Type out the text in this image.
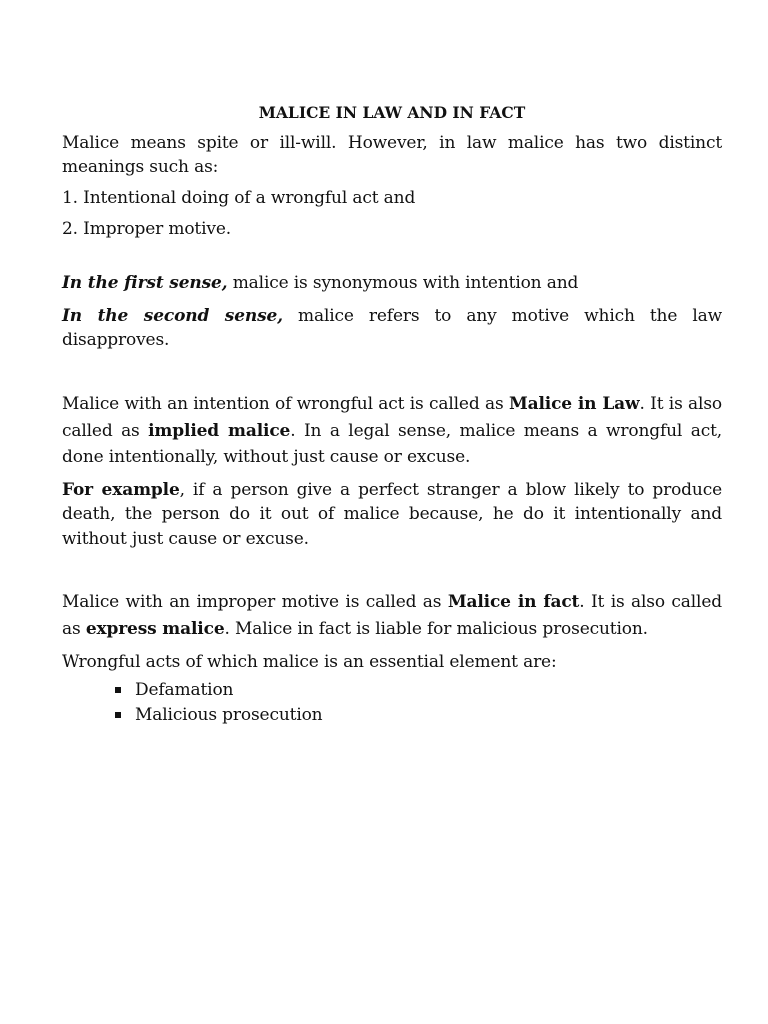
MALICE IN LAW AND IN FACT

Malice means spite or ill-will. However, in law malice has two distinct meanings such as:

1. Intentional doing of a wrongful act and

2. Improper motive.

In the first sense, malice is synonymous with intention and

In the second sense, malice refers to any motive which the law disapproves.

Malice with an intention of wrongful act is called as Malice in Law. It is also called as implied malice. In a legal sense, malice means a wrongful act, done intentionally, without just cause or excuse.

For example, if a person give a perfect stranger a blow likely to produce death, the person do it out of malice because, he do it intentionally and without just cause or excuse.

Malice with an improper motive is called as Malice in fact. It is also called as express malice. Malice in fact is liable for malicious prosecution.

Wrongful acts of which malice is an essential element are:

Defamation
Malicious prosecution
